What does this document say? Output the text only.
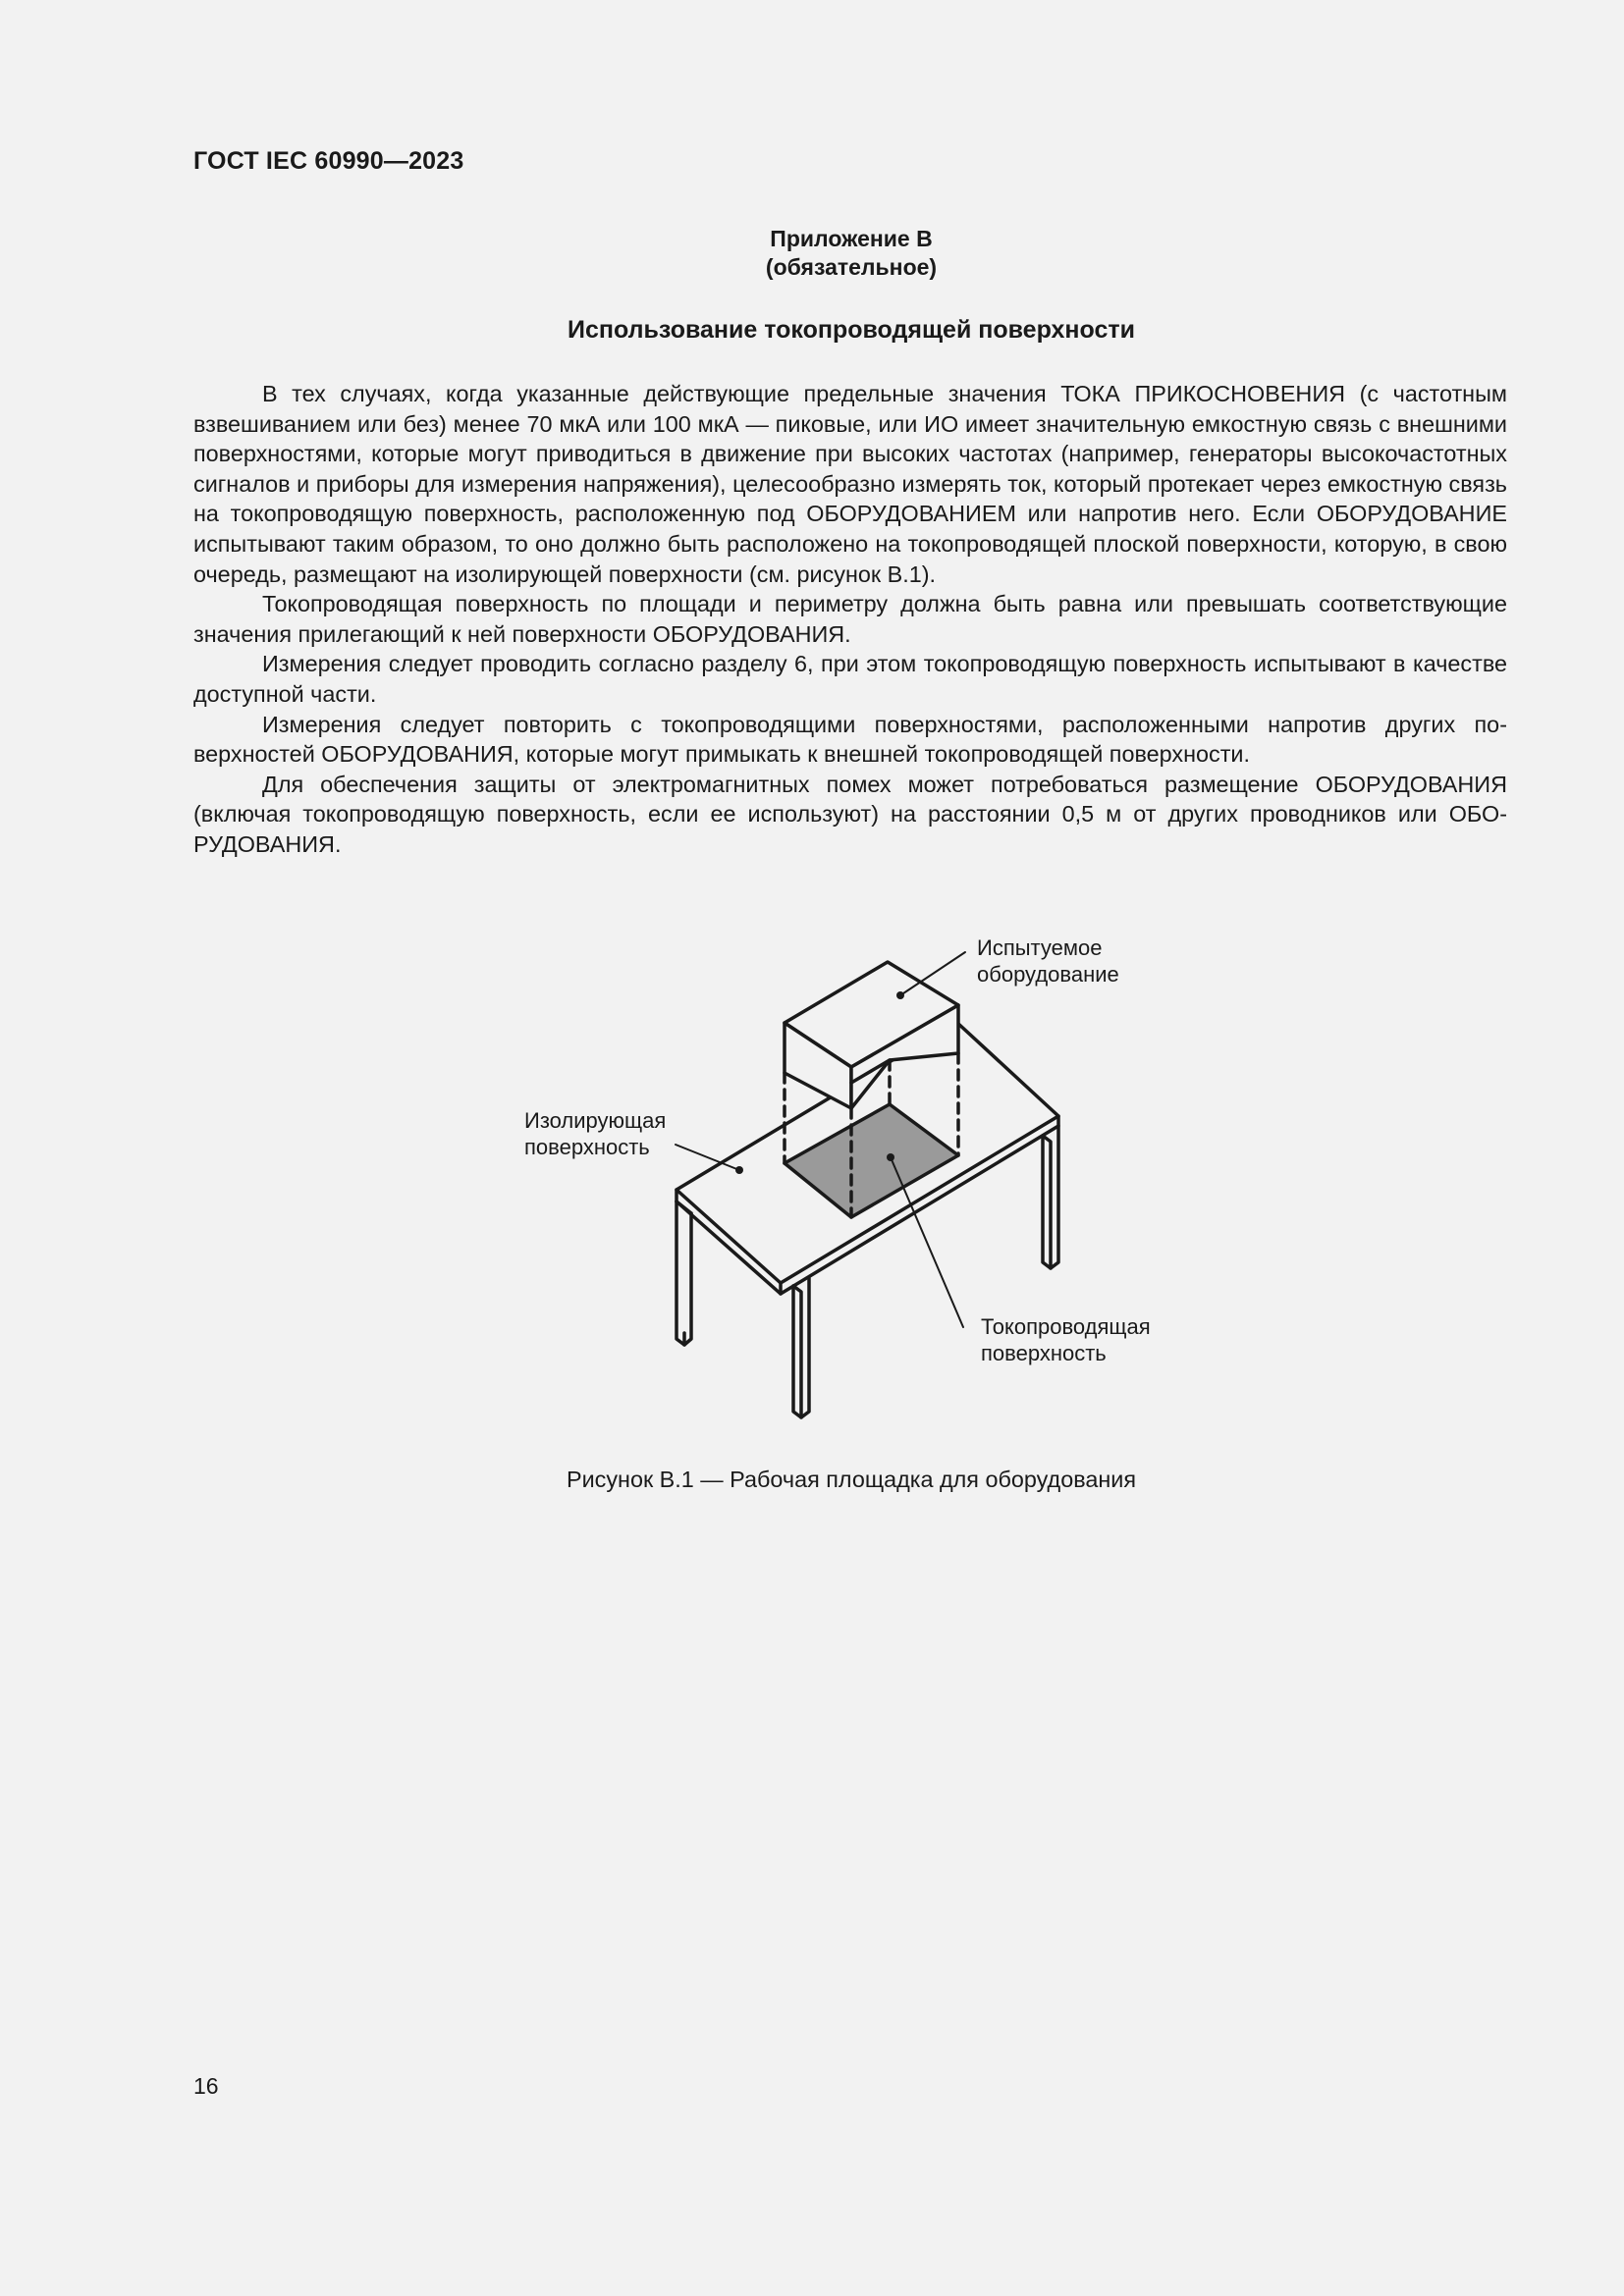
ГОСТ IEC 60990—2023
Приложение В
(обязательное)
Использование токопроводящей поверхности

В тех случаях, когда указанные действующие предельные значения ТОКА ПРИКОСНОВЕНИЯ (с частотным взвешиванием или без) менее 70 мкА или 100 мкА — пиковые, или ИО имеет значительную емкостную связь с внешними поверхностями, которые могут приводиться в движение при высоких частотах (например, генераторы высокочастотных сигналов и приборы для измерения напряжения), целесообразно измерять ток, который протекает через емкостную связь на токопроводящую поверхность, расположенную под ОБОРУДОВАНИЕМ или напротив него. Если ОБОРУДОВАНИЕ испытывают таким образом, то оно должно быть расположено на токопроводящей плоской поверхности, которую, в свою очередь, размещают на изолирующей поверхности (см. рисунок В.1).

Токопроводящая поверхность по площади и периметру должна быть равна или превышать соответствующие значения прилегающий к ней поверхности ОБОРУДОВАНИЯ.

Измерения следует проводить согласно разделу 6, при этом токопроводящую поверхность испытывают в качестве доступной части.

Измерения следует повторить с токопроводящими поверхностями, расположенными напротив других поверхностей ОБОРУДОВАНИЯ, которые могут примыкать к внешней токопроводящей поверхности.

Для обеспечения защиты от электромагнитных помех может потребоваться размещение ОБОРУДОВАНИЯ (включая токопроводящую поверхность, если ее используют) на расстоянии 0,5 м от других проводников или ОБОРУДОВАНИЯ.

Испытуемое
оборудование
Изолирующая
поверхность
Токопроводящая
поверхность
Рисунок В.1 — Рабочая площадка для оборудования
16
